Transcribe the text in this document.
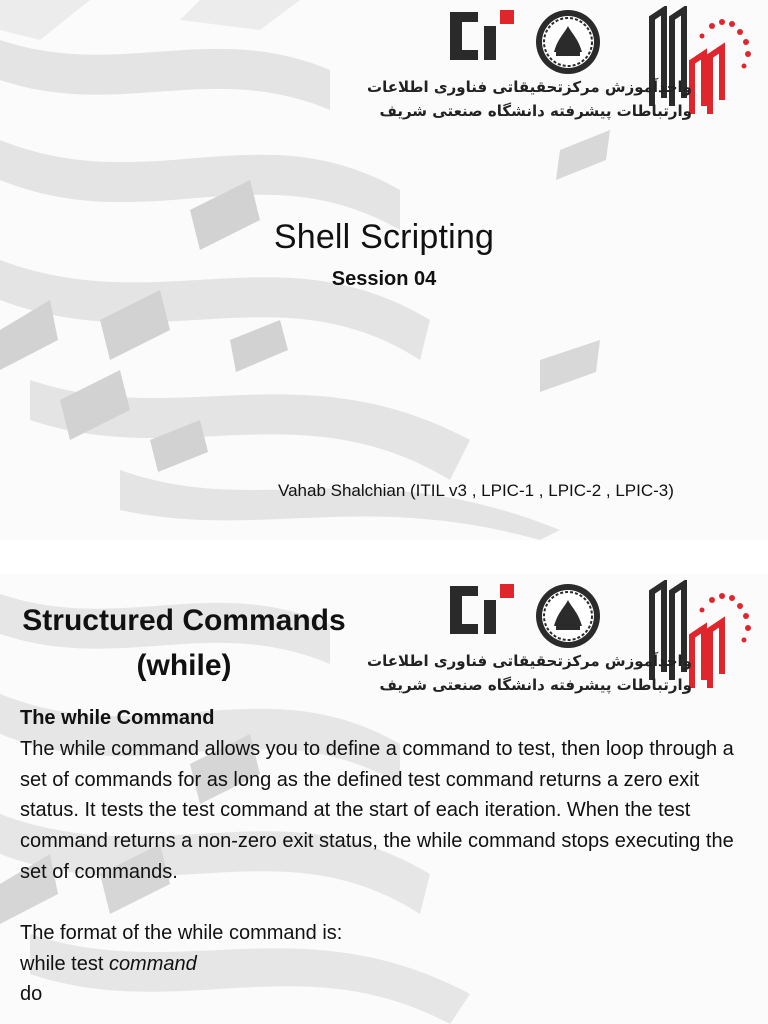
واحدآموزش مرکزتحقیقاتی فناوری اطلاعات
وارتباطات پیشرفته دانشگاه صنعتی شریف
Shell Scripting
Session 04
Vahab Shalchian (ITIL v3 , LPIC-1 , LPIC-2 , LPIC-3)
واحدآموزش مرکزتحقیقاتی فناوری اطلاعات
وارتباطات پیشرفته دانشگاه صنعتی شریف
Structured Commands (while)

The while Command

The while command allows you to define a command to test, then loop through a set of commands for as long as the defined test command returns a zero exit status. It tests the test command at the start of each iteration. When the test command returns a non-zero exit status, the while command stops executing the set of commands.

The format of the while command is:

while test command

do
